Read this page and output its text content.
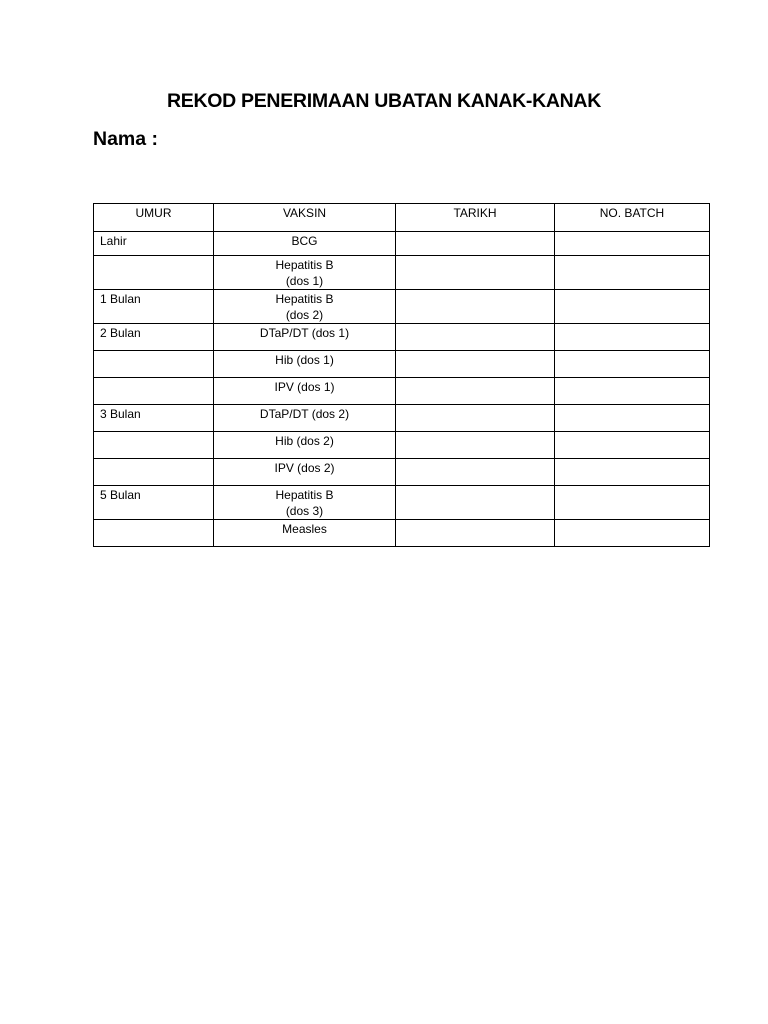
REKOD PENERIMAAN UBATAN KANAK-KANAK

Nama :

UMUR	VAKSIN	TARIKH	NO. BATCH
Lahir	BCG		

	Hepatitis B
(dos 1)		

1 Bulan	Hepatitis B
(dos 2)		

2 Bulan	DTaP/DT (dos 1)		

	Hib (dos 1)		

	IPV (dos 1)		

3 Bulan	DTaP/DT (dos 2)		

	Hib (dos 2)		

	IPV (dos 2)		

5 Bulan	Hepatitis B
(dos 3)		

	Measles		
